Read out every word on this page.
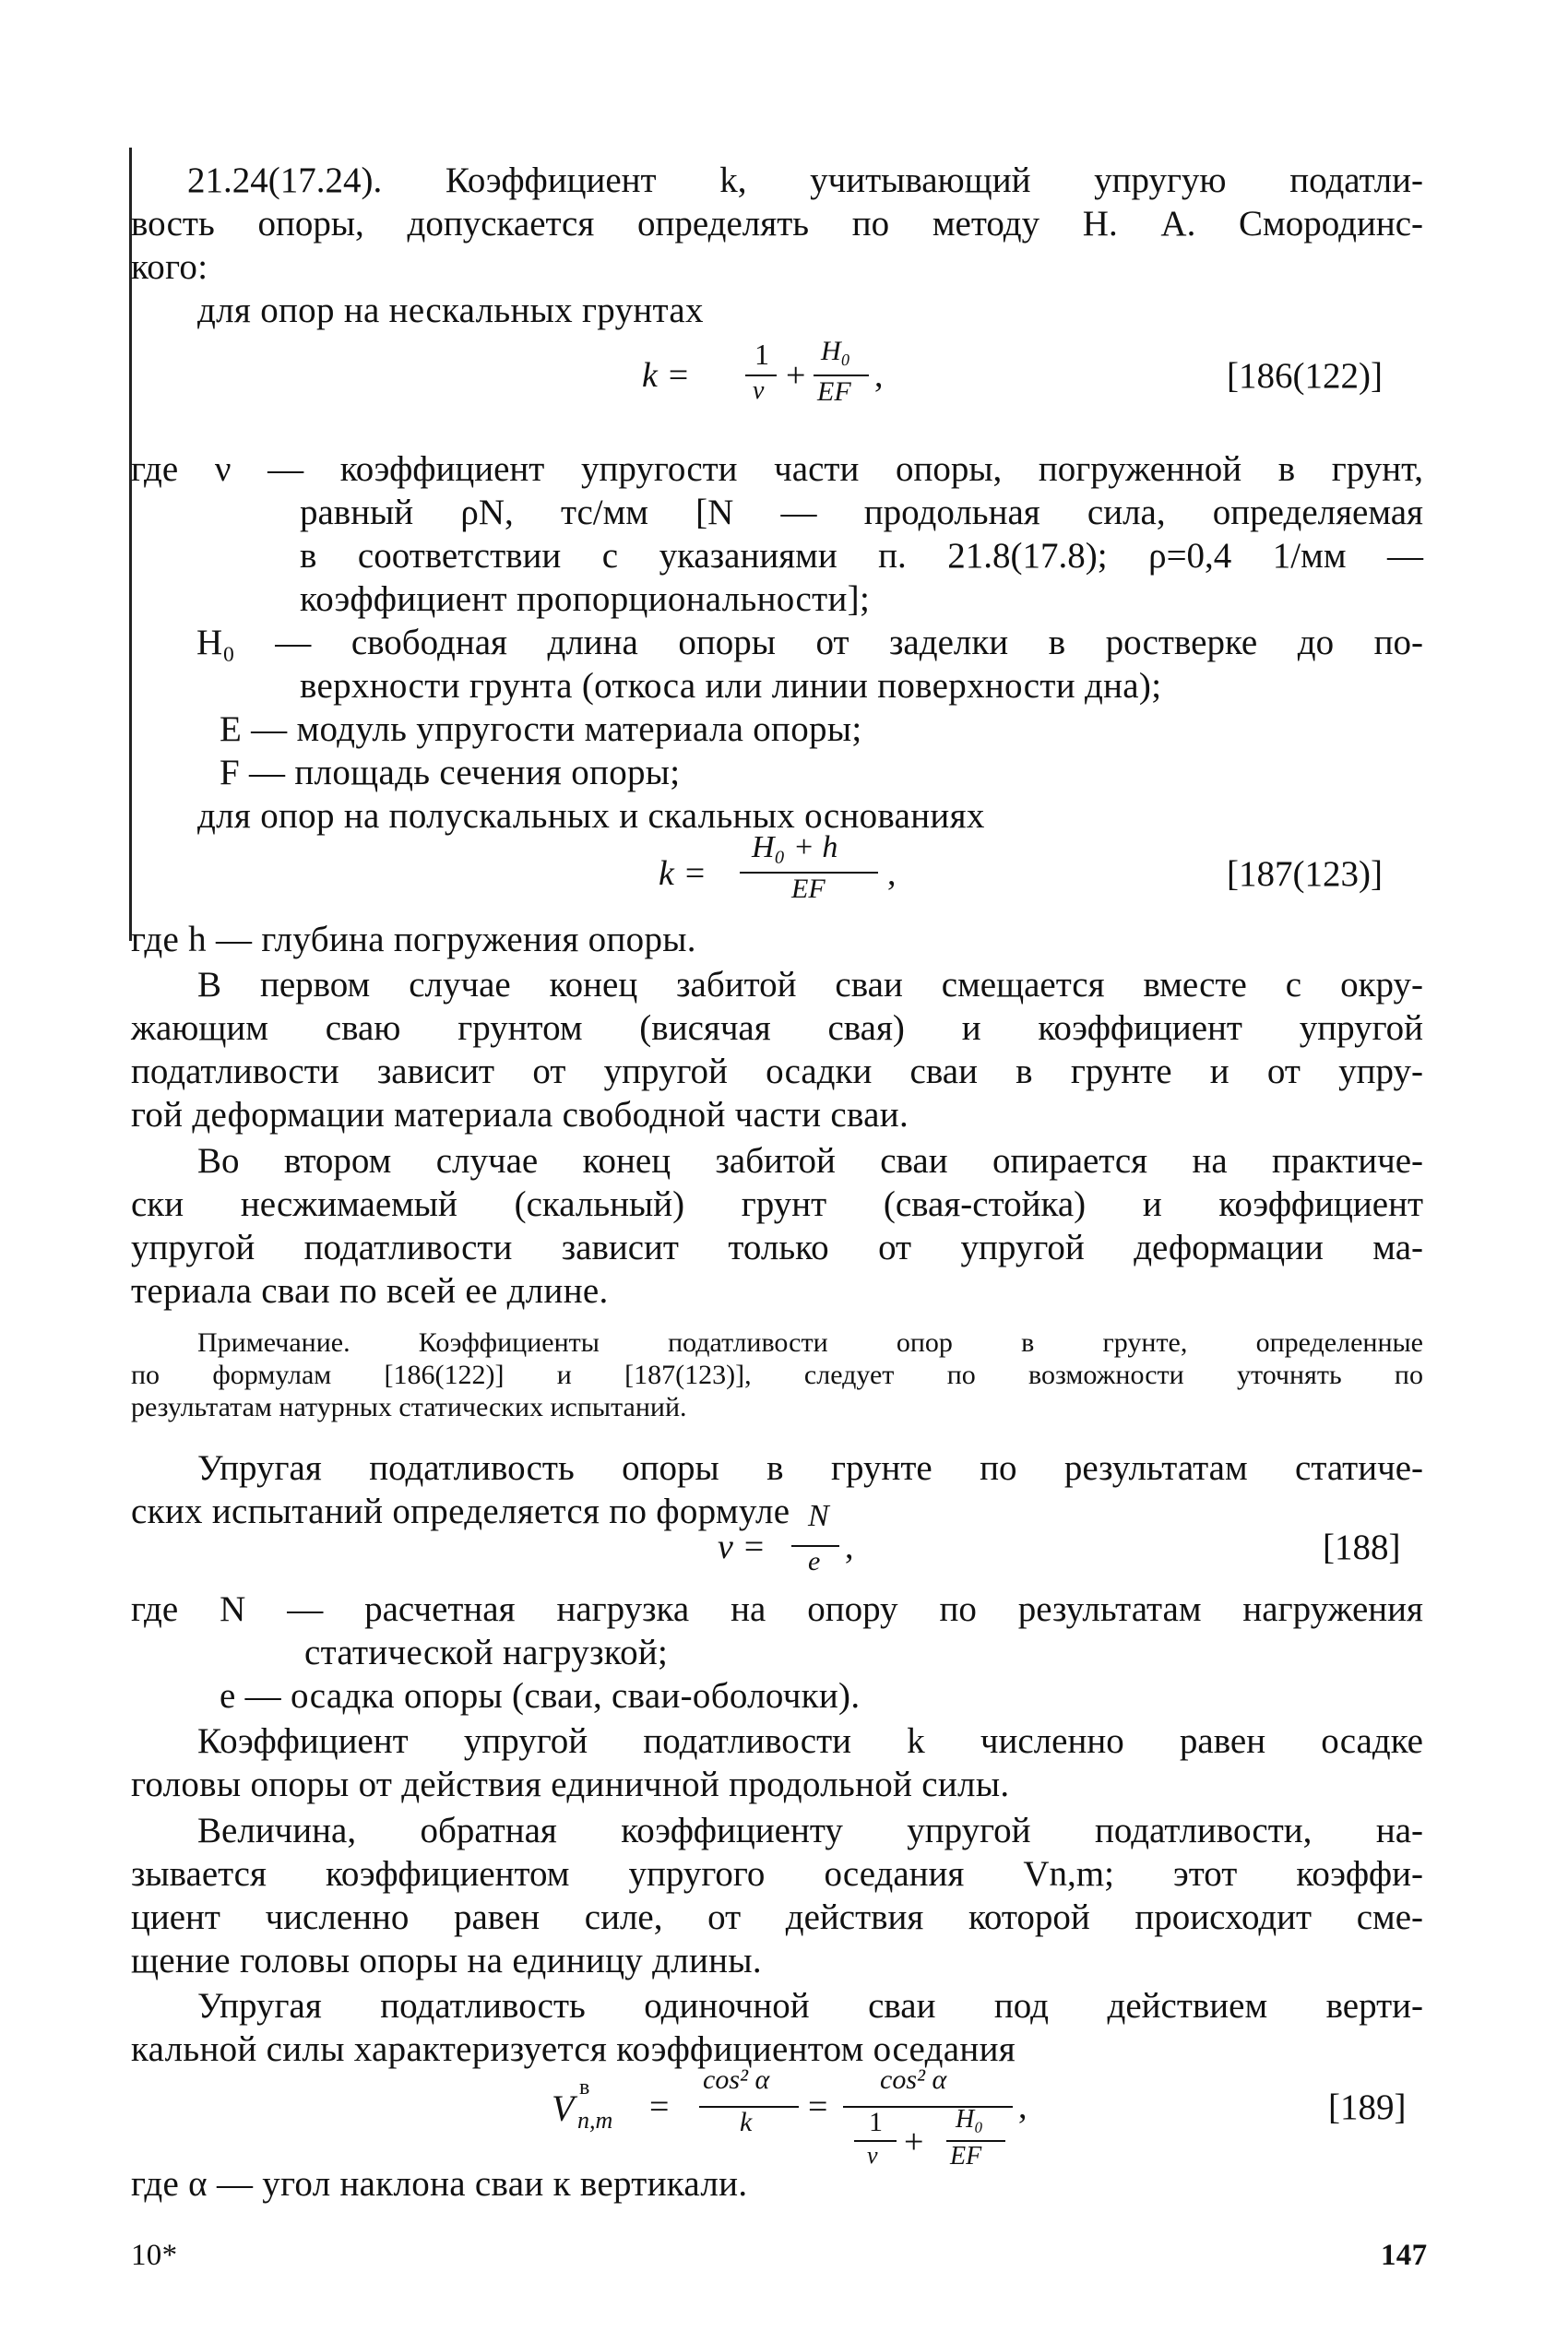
21.24(17.24). Коэффициент k, учитывающий упругую податли-
вость опоры, допускается определять по методу Н. А. Смородинс-
кого:
для опор на нескальных грунтах
k =
1
ν +
H₀
EF ,	[186(122)]
где ν — коэффициент упругости части опоры, погруженной в грунт,
равный ρN, тс/мм [N — продольная сила, определяемая
в соответствии с указаниями п. 21.8(17.8); ρ=0,4 1/мм —
коэффициент пропорциональности];
H₀ — свободная длина опоры от заделки в ростверке до по-
верхности грунта (откоса или линии поверхности дна);
E — модуль упругости материала опоры;
F — площадь сечения опоры;
для опор на полускальных и скальных основаниях
k =
H₀ + h
EF ,	[187(123)]
где h — глубина погружения опоры.
В первом случае конец забитой сваи смещается вместе с окру-
жающим сваю грунтом (висячая свая) и коэффициент упругой
податливости зависит от упругой осадки сваи в грунте и от упру-
гой деформации материала свободной части сваи.
Во втором случае конец забитой сваи опирается на практиче-
ски несжимаемый (скальный) грунт (свая-стойка) и коэффициент
упругой податливости зависит только от упругой деформации ма-
териала сваи по всей ее длине.
Примечание. Коэффициенты податливости опор в грунте, определенные
по формулам [186(122)] и [187(123)], следует по возможности уточнять по
результатам натурных статических испытаний.
Упругая податливость опоры в грунте по результатам статиче-
ских испытаний определяется по формуле
ν =
N
e ,	[188]
где N — расчетная нагрузка на опору по результатам нагружения
статической нагрузкой;
e — осадка опоры (сваи, сваи-оболочки).
Коэффициент упругой податливости k численно равен осадке
головы опоры от действия единичной продольной силы.
Величина, обратная коэффициенту упругой податливости, на-
зывается коэффициентом упругого оседания Vn,m; этот коэффи-
циент численно равен силе, от действия которой происходит сме-
щение головы опоры на единицу длины.
Упругая податливость одиночной сваи под действием верти-
кальной силы характеризуется коэффициентом оседания
V в
n,m =
cos² α
k =
cos² α
1
ν +
H₀
EF
,	[189]
где α — угол наклона сваи к вертикали.
10*	147
